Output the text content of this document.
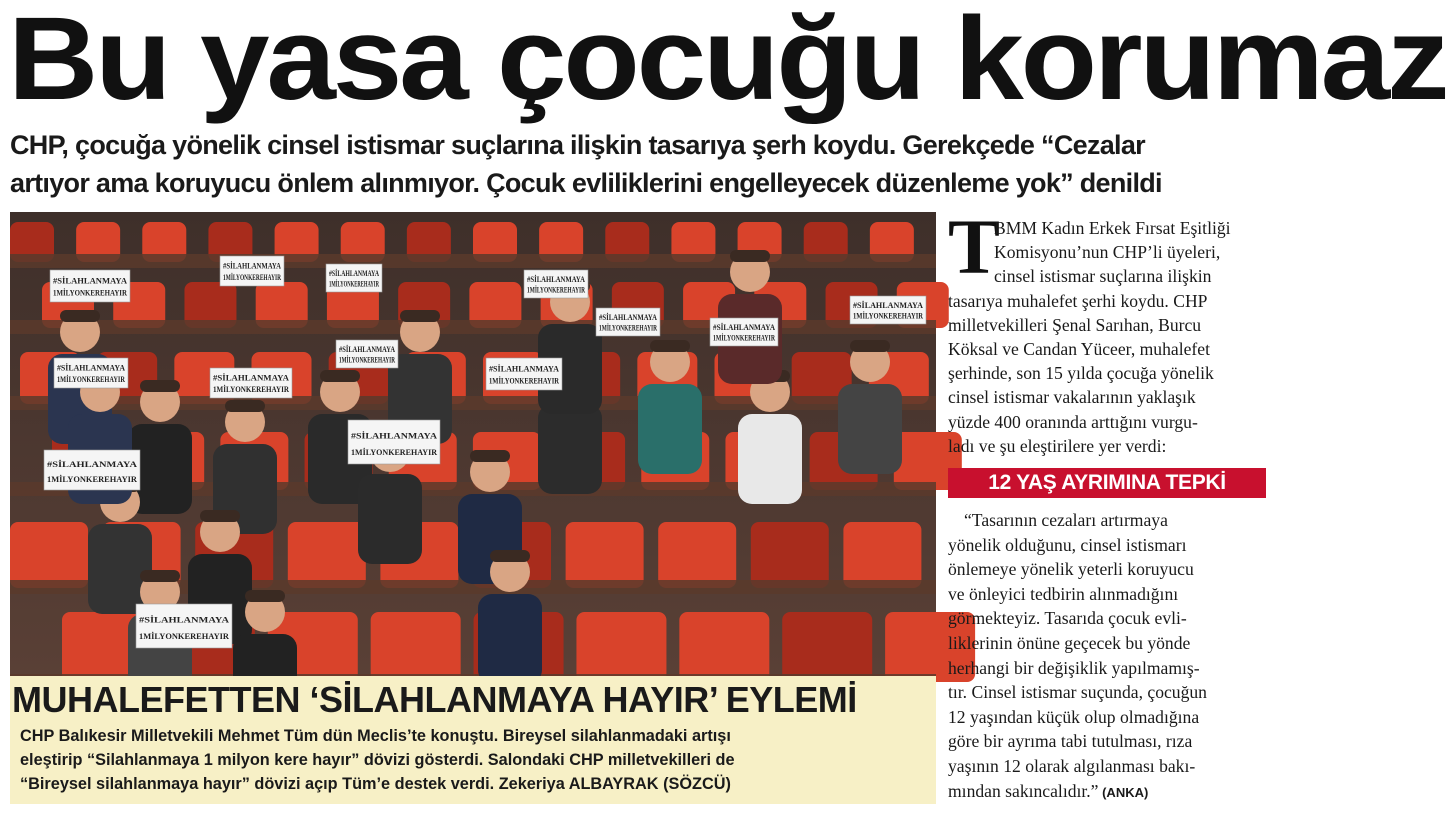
Bu yasa çocuğu korumaz
CHP, çocuğa yönelik cinsel istismar suçlarına ilişkin tasarıya şerh koydu. Gerekçede “Cezalar
artıyor ama koruyucu önlem alınmıyor. Çocuk evliliklerini engelleyecek düzenleme yok” denildi
#SİLAHLANMAYA
1MİLYONKEREHAYIR
#SİLAHLANMAYA
1MİLYONKEREHAYIR	#SİLAHLANMAYA
1MİLYONKEREHAYIR
#SİLAHLANMAYA
1MİLYONKEREHAYIR
#SİLAHLANMAYA
1MİLYONKEREHAYIR	#SİLAHLANMAYA
1MİLYONKEREHAYIR
#SİLAHLANMAYA
1MİLYONKEREHAYIR
#SİLAHLANMAYA
1MİLYONKEREHAYIR	#SİLAHLANMAYA
1MİLYONKEREHAYIR
#SİLAHLANMAYA
1MİLYONKEREHAYIR
#SİLAHLANMAYA
1MİLYONKEREHAYIR
#SİLAHLANMAYA
1MİLYONKEREHAYIR
#SİLAHLANMAYA
1MİLYONKEREHAYIR
#SİLAHLANMAYA
1MİLYONKEREHAYIR
MUHALEFETTEN ‘SİLAHLANMAYA HAYIR’ EYLEMİ
CHP Balıkesir Milletvekili Mehmet Tüm dün Meclis’te konuştu. Bireysel silahlanmadaki artışı
eleştirip “Silahlanmaya 1 milyon kere hayır” dövizi gösterdi. Salondaki CHP milletvekilleri de
“Bireysel silahlanmaya hayır” dövizi açıp Tüm’e destek verdi. Zekeriya ALBAYRAK (SÖZCÜ)
T
BMM Kadın Erkek Fırsat Eşitliği
Komisyonu’nun CHP’li üyeleri,
cinsel istismar suçlarına ilişkin
tasarıya muhalefet şerhi koydu. CHP
milletvekilleri Şenal Sarıhan, Burcu
Köksal ve Candan Yüceer, muhalefet
şerhinde, son 15 yılda çocuğa yönelik
cinsel istismar vakalarının yaklaşık
yüzde 400 oranında arttığını vurgu-
ladı ve şu eleştirilere yer verdi:
12 YAŞ AYRIMINA TEPKİ
“Tasarının cezaları artırmaya
yönelik olduğunu, cinsel istismarı
önlemeye yönelik yeterli koruyucu
ve önleyici tedbirin alınmadığını
görmekteyiz. Tasarıda çocuk evli-
liklerinin önüne geçecek bu yönde
herhangi bir değişiklik yapılmamış-
tır. Cinsel istismar suçunda, çocuğun
12 yaşından küçük olup olmadığına
göre bir ayrıma tabi tutulması, rıza
yaşının 12 olarak algılanması bakı-
mından sakıncalıdır.” (ANKA)
